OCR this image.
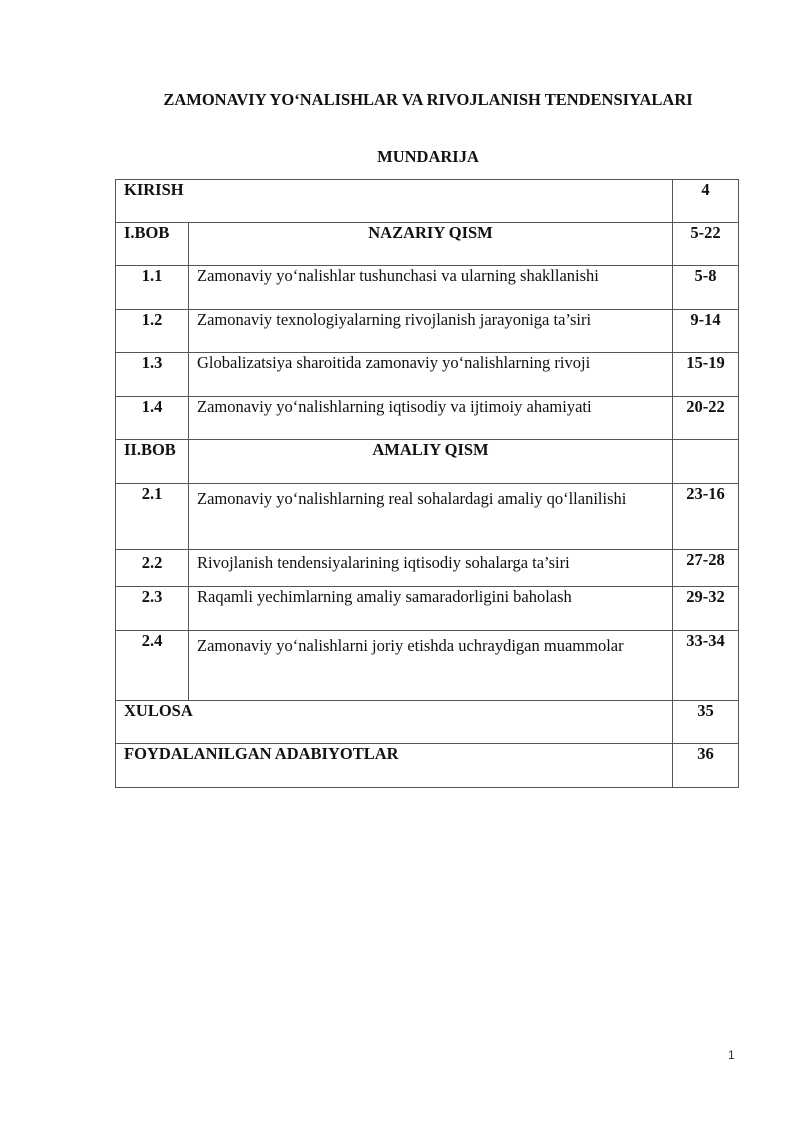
ZAMONAVIY YO‘NALISHLAR VA RIVOJLANISH TENDENSIYALARI
MUNDARIJA
KIRISH		4
I.BOB	NAZARIY QISM	5-22
1.1	Zamonaviy yo‘nalishlar tushunchasi va ularning shakllanishi	5-8
1.2	Zamonaviy texnologiyalarning rivojlanish jarayoniga ta’siri	9-14
1.3	Globalizatsiya sharoitida zamonaviy yo‘nalishlarning rivoji	15-19
1.4	Zamonaviy yo‘nalishlarning iqtisodiy va ijtimoiy ahamiyati	20-22
II.BOB	AMALIY QISM	
2.1	Zamonaviy yo‘nalishlarning real sohalardagi amaliy qo‘llanilishi	23-16
2.2	Rivojlanish tendensiyalarining iqtisodiy sohalarga ta’siri	27-28
2.3	Raqamli yechimlarning amaliy samaradorligini baholash	29-32
2.4	Zamonaviy yo‘nalishlarni joriy etishda uchraydigan muammolar	33-34
XULOSA		35
FOYDALANILGAN ADABIYOTLAR		36
1
